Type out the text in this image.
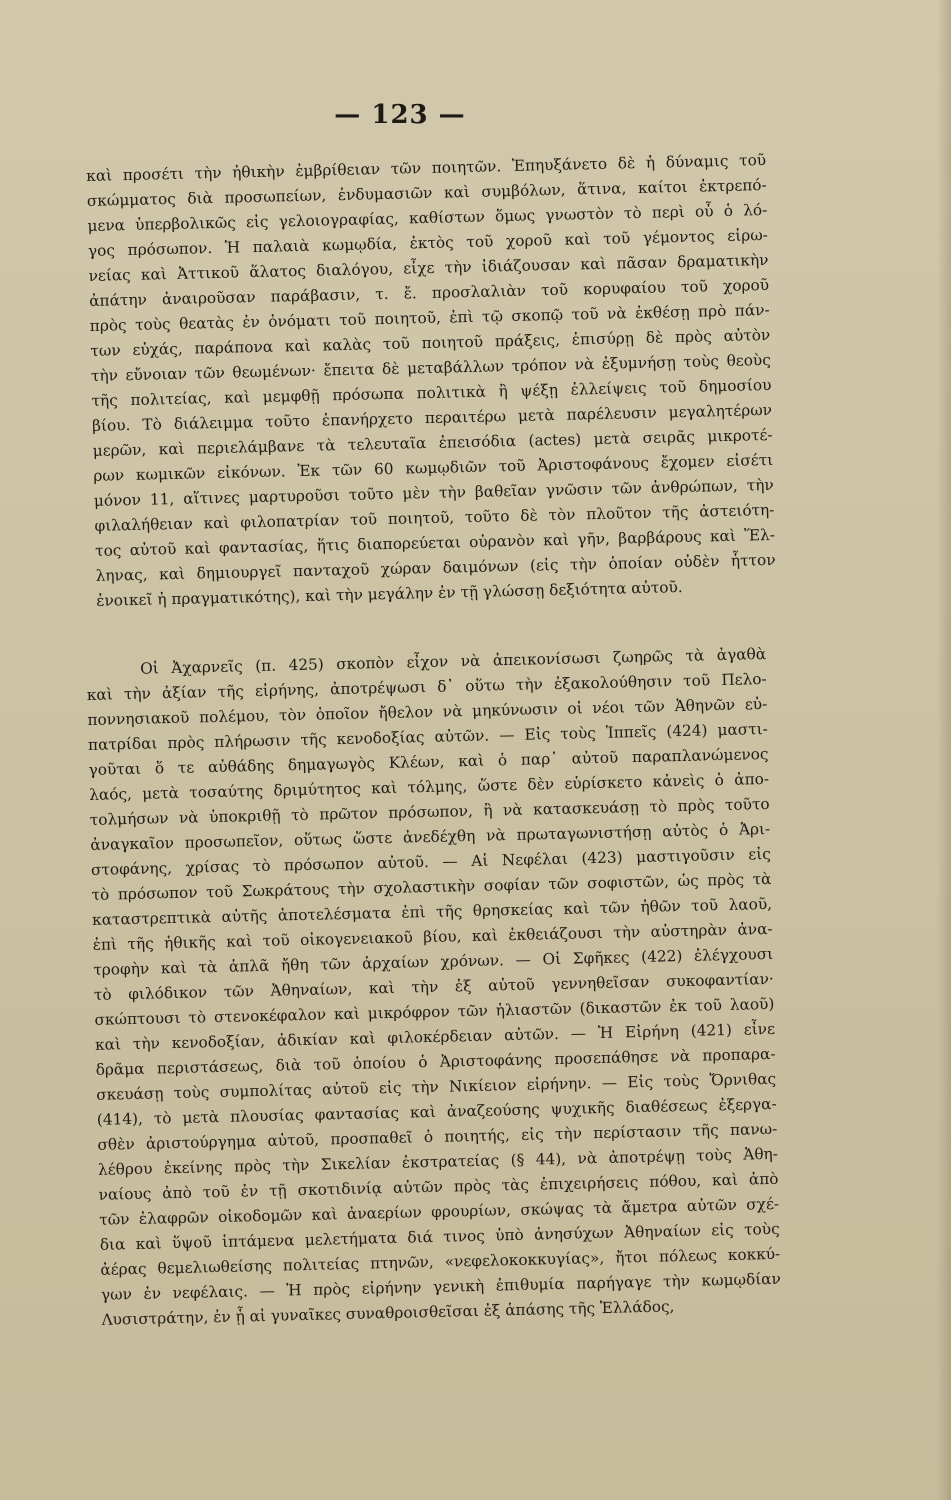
— 123 —
καὶ προσέτι τὴν ἠθικὴν ἐμβρίθειαν τῶν ποιητῶν. Ἐπηυξάνετο δὲ ἡ δύναμις τοῦ
σκώμματος διὰ προσωπείων, ἐνδυμασιῶν καὶ συμβόλων, ἅτινα, καίτοι ἐκτρεπό-
μενα ὑπερβολικῶς εἰς γελοιογραφίας, καθίστων ὅμως γνωστὸν τὸ περὶ οὗ ὁ λό-
γος πρόσωπον. Ἡ παλαιὰ κωμῳδία, ἐκτὸς τοῦ χοροῦ καὶ τοῦ γέμοντος εἰρω-
νείας καὶ Ἀττικοῦ ἅλατος διαλόγου, εἶχε τὴν ἰδιάζουσαν καὶ πᾶσαν δραματικὴν
ἀπάτην ἀναιροῦσαν παράβασιν, τ. ἔ. προσλαλιὰν τοῦ κορυφαίου τοῦ χοροῦ
πρὸς τοὺς θεατὰς ἐν ὀνόματι τοῦ ποιητοῦ, ἐπὶ τῷ σκοπῷ τοῦ νὰ ἐκθέσῃ πρὸ πάν-
των εὐχάς, παράπονα καὶ καλὰς τοῦ ποιητοῦ πράξεις, ἐπισύρῃ δὲ πρὸς αὐτὸν
τὴν εὔνοιαν τῶν θεωμένων· ἔπειτα δὲ μεταβάλλων τρόπον νὰ ἐξυμνήσῃ τοὺς θεοὺς
τῆς πολιτείας, καὶ μεμφθῇ πρόσωπα πολιτικὰ ἢ ψέξῃ ἐλλείψεις τοῦ δημοσίου
βίου. Τὸ διάλειμμα τοῦτο ἐπανήρχετο περαιτέρω μετὰ παρέλευσιν μεγαλητέρων
μερῶν, καὶ περιελάμβανε τὰ τελευταῖα ἐπεισόδια (actes) μετὰ σειρᾶς μικροτέ-
ρων κωμικῶν εἰκόνων. Ἐκ τῶν 60 κωμῳδιῶν τοῦ Ἀριστοφάνους ἔχομεν εἰσέτι
μόνον 11, αἵτινες μαρτυροῦσι τοῦτο μὲν τὴν βαθεῖαν γνῶσιν τῶν ἀνθρώπων, τὴν
φιλαλήθειαν καὶ φιλοπατρίαν τοῦ ποιητοῦ, τοῦτο δὲ τὸν πλοῦτον τῆς ἀστειότη-
τος αὐτοῦ καὶ φαντασίας, ἥτις διαπορεύεται οὐρανὸν καὶ γῆν, βαρβάρους καὶ Ἕλ-
ληνας, καὶ δημιουργεῖ πανταχοῦ χώραν δαιμόνων (εἰς τὴν ὁποίαν οὐδὲν ἧττον
ἐνοικεῖ ἡ πραγματικότης), καὶ τὴν μεγάλην ἐν τῇ γλώσσῃ δεξιότητα αὐτοῦ.
Οἱ Ἀχαρνεῖς (π. 425) σκοπὸν εἶχον νὰ ἀπεικονίσωσι ζωηρῶς τὰ ἀγαθὰ
καὶ τὴν ἀξίαν τῆς εἰρήνης, ἀποτρέψωσι δ᾿ οὕτω τὴν ἐξακολούθησιν τοῦ Πελο-
ποννησιακοῦ πολέμου, τὸν ὁποῖον ἤθελον νὰ μηκύνωσιν οἱ νέοι τῶν Ἀθηνῶν εὐ-
πατρίδαι πρὸς πλήρωσιν τῆς κενοδοξίας αὐτῶν. — Εἰς τοὺς Ἱππεῖς (424) μαστι-
γοῦται ὅ τε αὐθάδης δημαγωγὸς Κλέων, καὶ ὁ παρ᾿ αὐτοῦ παραπλανώμενος
λαός, μετὰ τοσαύτης δριμύτητος καὶ τόλμης, ὥστε δὲν εὑρίσκετο κἀνεὶς ὁ ἀπο-
τολμήσων νὰ ὑποκριθῇ τὸ πρῶτον πρόσωπον, ἢ νὰ κατασκευάσῃ τὸ πρὸς τοῦτο
ἀναγκαῖον προσωπεῖον, οὕτως ὥστε ἀνεδέχθη νὰ πρωταγωνιστήσῃ αὐτὸς ὁ Ἀρι-
στοφάνης, χρίσας τὸ πρόσωπον αὐτοῦ. — Αἱ Νεφέλαι (423) μαστιγοῦσιν εἰς
τὸ πρόσωπον τοῦ Σωκράτους τὴν σχολαστικὴν σοφίαν τῶν σοφιστῶν, ὡς πρὸς τὰ
καταστρεπτικὰ αὐτῆς ἀποτελέσματα ἐπὶ τῆς θρησκείας καὶ τῶν ἠθῶν τοῦ λαοῦ,
ἐπὶ τῆς ἠθικῆς καὶ τοῦ οἰκογενειακοῦ βίου, καὶ ἐκθειάζουσι τὴν αὐστηρὰν ἀνα-
τροφὴν καὶ τὰ ἁπλᾶ ἤθη τῶν ἀρχαίων χρόνων. — Οἱ Σφῆκες (422) ἐλέγχουσι
τὸ φιλόδικον τῶν Ἀθηναίων, καὶ τὴν ἐξ αὐτοῦ γεννηθεῖσαν συκοφαντίαν·
σκώπτουσι τὸ στενοκέφαλον καὶ μικρόφρον τῶν ἡλιαστῶν (δικαστῶν ἐκ τοῦ λαοῦ)
καὶ τὴν κενοδοξίαν, ἀδικίαν καὶ φιλοκέρδειαν αὐτῶν. — Ἡ Εἰρήνη (421) εἶνε
δρᾶμα περιστάσεως, διὰ τοῦ ὁποίου ὁ Ἀριστοφάνης προσεπάθησε νὰ προπαρα-
σκευάσῃ τοὺς συμπολίτας αὐτοῦ εἰς τὴν Νικίειον εἰρήνην. — Εἰς τοὺς Ὄρνιθας
(414), τὸ μετὰ πλουσίας φαντασίας καὶ ἀναζεούσης ψυχικῆς διαθέσεως ἐξεργα-
σθὲν ἀριστούργημα αὐτοῦ, προσπαθεῖ ὁ ποιητής, εἰς τὴν περίστασιν τῆς πανω-
λέθρου ἐκείνης πρὸς τὴν Σικελίαν ἐκστρατείας (§ 44), νὰ ἀποτρέψῃ τοὺς Ἀθη-
ναίους ἀπὸ τοῦ ἐν τῇ σκοτιδινίᾳ αὐτῶν πρὸς τὰς ἐπιχειρήσεις πόθου, καὶ ἀπὸ
τῶν ἐλαφρῶν οἰκοδομῶν καὶ ἀναερίων φρουρίων, σκώψας τὰ ἄμετρα αὐτῶν σχέ-
δια καὶ ὕψοῦ ἱπτάμενα μελετήματα διά τινος ὑπὸ ἀνησύχων Ἀθηναίων εἰς τοὺς
ἀέρας θεμελιωθείσης πολιτείας πτηνῶν, «νεφελοκοκκυγίας», ἤτοι πόλεως κοκκύ-
γων ἐν νεφέλαις. — Ἡ πρὸς εἰρήνην γενικὴ ἐπιθυμία παρήγαγε τὴν κωμῳδίαν
Λυσιστράτην, ἐν ᾗ αἱ γυναῖκες συναθροισθεῖσαι ἐξ ἁπάσης τῆς Ἑλλάδος,
